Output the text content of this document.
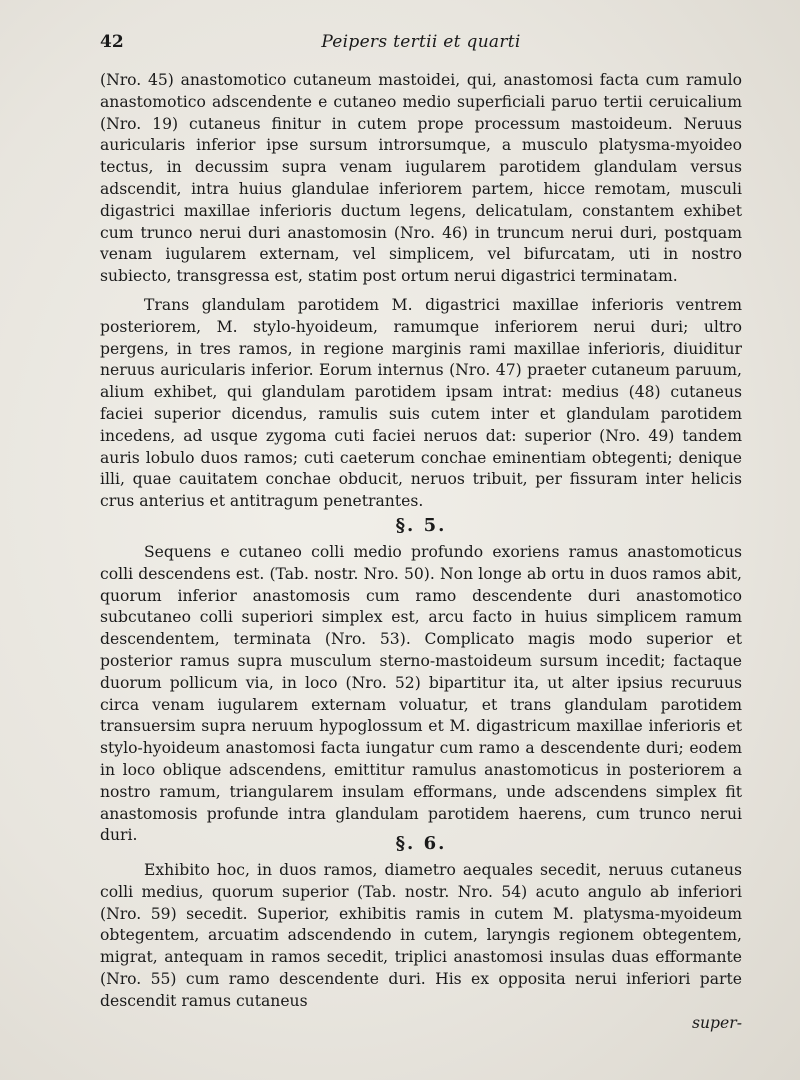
42	Peipers tertii et quarti

(Nro. 45) anastomotico cutaneum mastoidei, qui, anastomosi facta cum ramulo anastomotico adscendente e cutaneo medio superficiali paruo tertii ceruicalium (Nro. 19) cutaneus finitur in cutem prope processum mastoideum. Neruus auricularis inferior ipse sursum introrsumque, a musculo platysma-myoideo tectus, in decussim supra venam iugularem parotidem glandulam versus adscendit, intra huius glandulae inferiorem partem, hicce remotam, musculi digastrici maxillae inferioris ductum legens, delicatulam, constantem exhibet cum trunco nerui duri anastomosin (Nro. 46) in truncum nerui duri, postquam venam iugularem externam, vel simplicem, vel bifurcatam, uti in nostro subiecto, transgressa est, statim post ortum nerui digastrici terminatam.

Trans glandulam parotidem M. digastrici maxillae inferioris ventrem posteriorem, M. stylo-hyoideum, ramumque inferiorem nerui duri; ultro pergens, in tres ramos, in regione marginis rami maxillae inferioris, diuiditur neruus auricularis inferior. Eorum internus (Nro. 47) praeter cutaneum paruum, alium exhibet, qui glandulam parotidem ipsam intrat: medius (48) cutaneus faciei superior dicendus, ramulis suis cutem inter et glandulam parotidem incedens, ad usque zygoma cuti faciei neruos dat: superior (Nro. 49) tandem auris lobulo duos ramos; cuti caeterum conchae eminentiam obtegenti; denique illi, quae cauitatem conchae obducit, neruos tribuit, per fissuram inter helicis crus anterius et antitragum penetrantes.

§. 5.

Sequens e cutaneo colli medio profundo exoriens ramus anastomoticus colli descendens est. (Tab. nostr. Nro. 50). Non longe ab ortu in duos ramos abit, quorum inferior anastomosis cum ramo descendente duri anastomotico subcutaneo colli superiori simplex est, arcu facto in huius simplicem ramum descendentem, terminata (Nro. 53). Complicato magis modo superior et posterior ramus supra musculum sterno-mastoideum sursum incedit; factaque duorum pollicum via, in loco (Nro. 52) bipartitur ita, ut alter ipsius recuruus circa venam iugularem externam voluatur, et trans glandulam parotidem transuersim supra neruum hypoglossum et M. digastricum maxillae inferioris et stylo-hyoideum anastomosi facta iungatur cum ramo a descendente duri; eodem in loco oblique adscendens, emittitur ramulus anastomoticus in posteriorem a nostro ramum, triangularem insulam efformans, unde adscendens simplex fit anastomosis profunde intra glandulam parotidem haerens, cum trunco nerui duri.	§. 6.

Exhibito hoc, in duos ramos, diametro aequales secedit, neruus cutaneus colli medius, quorum superior (Tab. nostr. Nro. 54) acuto angulo ab inferiori (Nro. 59) secedit. Superior, exhibitis ramis in cutem M. platysma-myoideum obtegentem, arcuatim adscendendo in cutem, laryngis regionem obtegentem, migrat, antequam in ramos secedit, triplici anastomosi insulas duas efformante (Nro. 55) cum ramo descendente duri. His ex opposita nerui inferiori parte descendit ramus cutaneus

super-
